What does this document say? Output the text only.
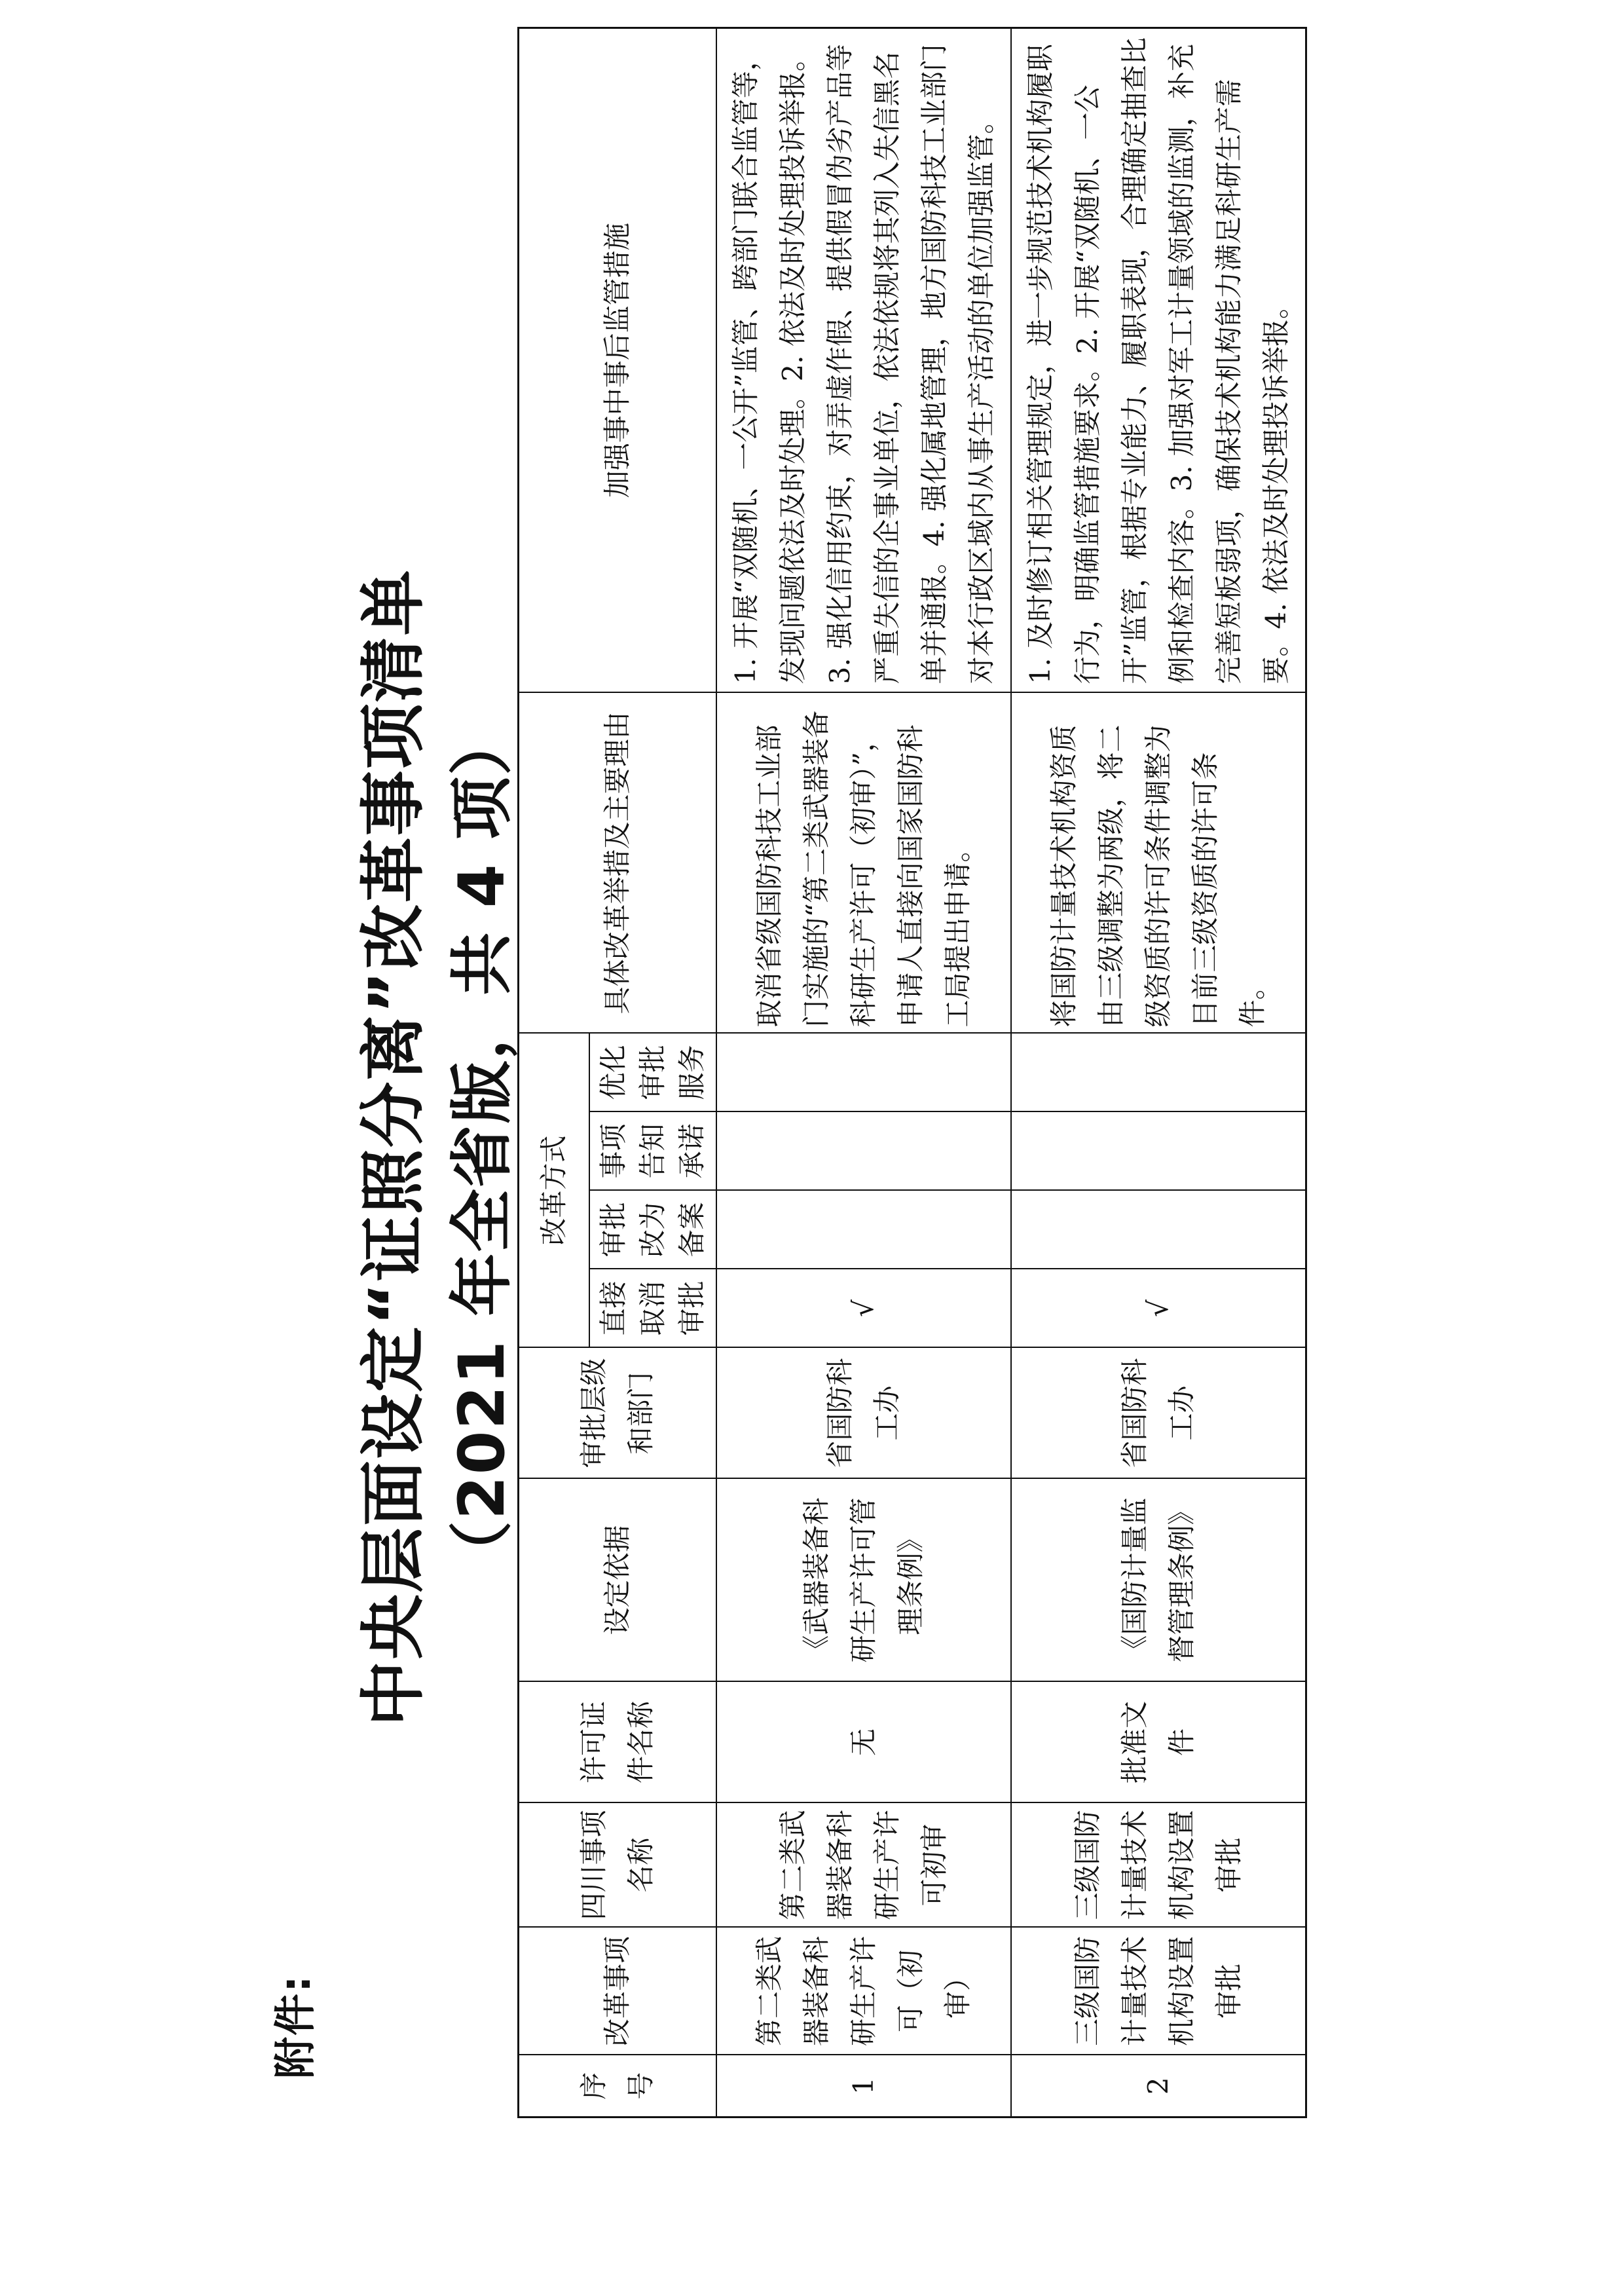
附件:
中央层面设定“证照分离”改革事项清单 （2021 年全省版，共 4 项）
序号	改革事项	四川事项名称	许可证件名称	设定依据	审批层级和部门	改革方式				具体改革举措及主要理由	加强事中事后监管措施
						直接取消审批	审批改为备案	事项告知承诺	优化审批服务		
1	第二类武器装备科研生产许可（初审）	第二类武器装备科研生产许可初审	无	《武器装备科研生产许可管理条例》	省国防科工办	√				取消省级国防科技工业部门实施的“第二类武器装备科研生产许可（初审）”，申请人直接向国家国防科工局提出申请。	1. 开展“双随机、一公开”监管、跨部门联合监管等，发现问题依法及时处理。2. 依法及时处理投诉举报。3. 强化信用约束，对弄虚作假、提供假冒伪劣产品等严重失信的企事业单位，依法依规将其列入失信黑名单并通报。4. 强化属地管理，地方国防科技工业部门对本行政区域内从事生产活动的单位加强监管。
2	三级国防计量技术机构设置审批	三级国防计量技术机构设置审批	批准文件	《国防计量监督管理条例》	省国防科工办	√				将国防计量技术机构资质由三级调整为两级，将二级资质的许可条件调整为目前三级资质的许可条件。	1. 及时修订相关管理规定，进一步规范技术机构履职行为，明确监管措施要求。2. 开展“双随机、一公开”监管，根据专业能力、履职表现，合理确定抽查比例和检查内容。3. 加强对军工计量领域的监测，补充完善短板弱项，确保技术机构能力满足科研生产需要。4. 依法及时处理投诉举报。
